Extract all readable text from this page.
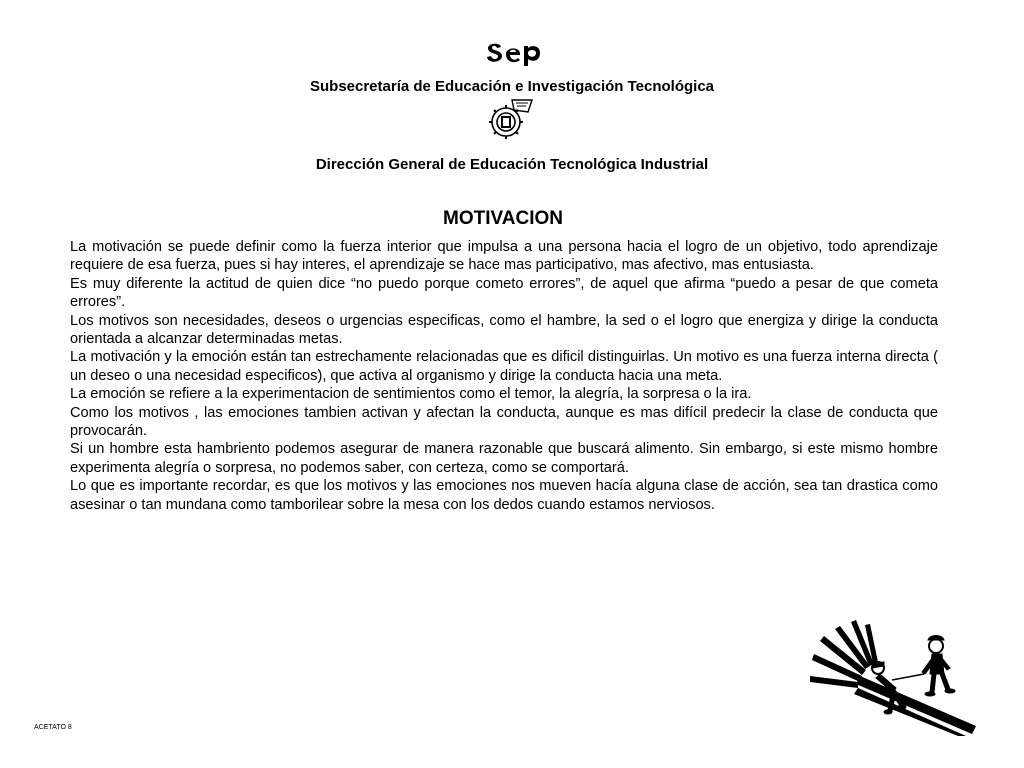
Subsecretaría de Educación e Investigación Tecnológica
Dirección General de Educación Tecnológica Industrial
MOTIVACION

La motivación se puede definir como la fuerza interior que impulsa a una persona hacia el logro de un objetivo, todo aprendizaje requiere de esa fuerza, pues si hay interes, el aprendizaje se hace mas participativo, mas afectivo, mas entusiasta.

Es muy diferente la actitud de quien dice “no puedo porque cometo errores”, de aquel que afirma “puedo a pesar de que cometa errores”.

Los motivos son necesidades, deseos o urgencias especificas, como el hambre, la sed o el logro que energiza y dirige la conducta orientada a alcanzar determinadas metas.

La motivación y la emoción están tan estrechamente relacionadas que es dificil distinguirlas. Un motivo es una fuerza interna directa ( un deseo o una necesidad especificos), que activa al organismo y dirige la conducta hacia una meta.

La emoción se refiere a la experimentacion de sentimientos como el temor, la alegría, la sorpresa o la ira.

Como los motivos , las emociones tambien activan y afectan la conducta, aunque es mas difícil predecir la clase de conducta que provocarán.

Si un hombre esta hambriento podemos asegurar de manera razonable que buscará alimento. Sin embargo, si este mismo hombre experimenta alegría o sorpresa, no podemos saber, con certeza, como se comportará.

Lo que es importante recordar, es que los motivos y las emociones nos mueven hacía alguna clase de acción, sea tan drastica como asesinar o tan mundana como tamborilear sobre la mesa con los dedos cuando estamos nerviosos.

ACETATO 8
